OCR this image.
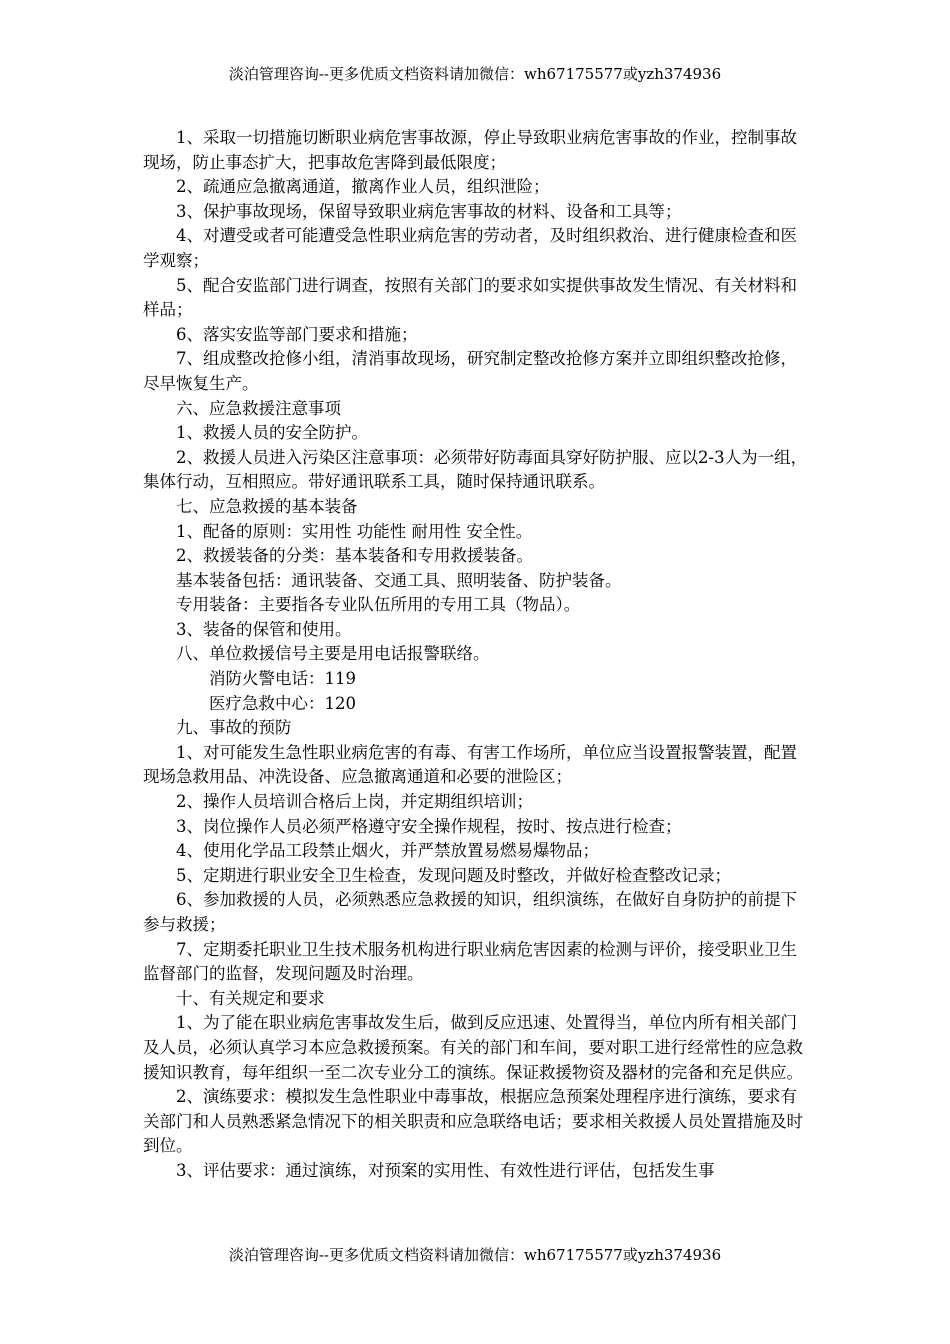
淡泊管理咨询--更多优质文档资料请加微信：wh67175577或yzh374936

1、采取一切措施切断职业病危害事故源，停止导致职业病危害事故的作业，控制事故现场，防止事态扩大，把事故危害降到最低限度；

2、疏通应急撤离通道，撤离作业人员，组织泄险；

3、保护事故现场，保留导致职业病危害事故的材料、设备和工具等；

4、对遭受或者可能遭受急性职业病危害的劳动者，及时组织救治、进行健康检查和医学观察；

5、配合安监部门进行调查，按照有关部门的要求如实提供事故发生情况、有关材料和样品；

6、落实安监等部门要求和措施；

7、组成整改抢修小组，清消事故现场，研究制定整改抢修方案并立即组织整改抢修，尽早恢复生产。

六、应急救援注意事项

1、救援人员的安全防护。

2、救援人员进入污染区注意事项：必须带好防毒面具穿好防护服、应以2-3人为一组，集体行动，互相照应。带好通讯联系工具，随时保持通讯联系。

七、应急救援的基本装备

1、配备的原则：实用性 功能性 耐用性 安全性。

2、救援装备的分类：基本装备和专用救援装备。

基本装备包括：通讯装备、交通工具、照明装备、防护装备。

专用装备：主要指各专业队伍所用的专用工具（物品）。

3、装备的保管和使用。

八、单位救援信号主要是用电话报警联络。

消防火警电话：119

医疗急救中心：120

九、事故的预防

1、对可能发生急性职业病危害的有毒、有害工作场所，单位应当设置报警装置，配置现场急救用品、冲洗设备、应急撤离通道和必要的泄险区；

2、操作人员培训合格后上岗，并定期组织培训；

3、岗位操作人员必须严格遵守安全操作规程，按时、按点进行检查；

4、使用化学品工段禁止烟火，并严禁放置易燃易爆物品；

5、定期进行职业安全卫生检查，发现问题及时整改，并做好检查整改记录；

6、参加救援的人员，必须熟悉应急救援的知识，组织演练，在做好自身防护的前提下参与救援；

7、定期委托职业卫生技术服务机构进行职业病危害因素的检测与评价，接受职业卫生监督部门的监督，发现问题及时治理。

十、有关规定和要求

1、为了能在职业病危害事故发生后，做到反应迅速、处置得当，单位内所有相关部门及人员，必须认真学习本应急救援预案。有关的部门和车间，要对职工进行经常性的应急救援知识教育，每年组织一至二次专业分工的演练。保证救援物资及器材的完备和充足供应。

2、演练要求：模拟发生急性职业中毒事故，根据应急预案处理程序进行演练，要求有关部门和人员熟悉紧急情况下的相关职责和应急联络电话；要求相关救援人员处置措施及时到位。

3、评估要求：通过演练，对预案的实用性、有效性进行评估，包括发生事

淡泊管理咨询--更多优质文档资料请加微信：wh67175577或yzh374936
